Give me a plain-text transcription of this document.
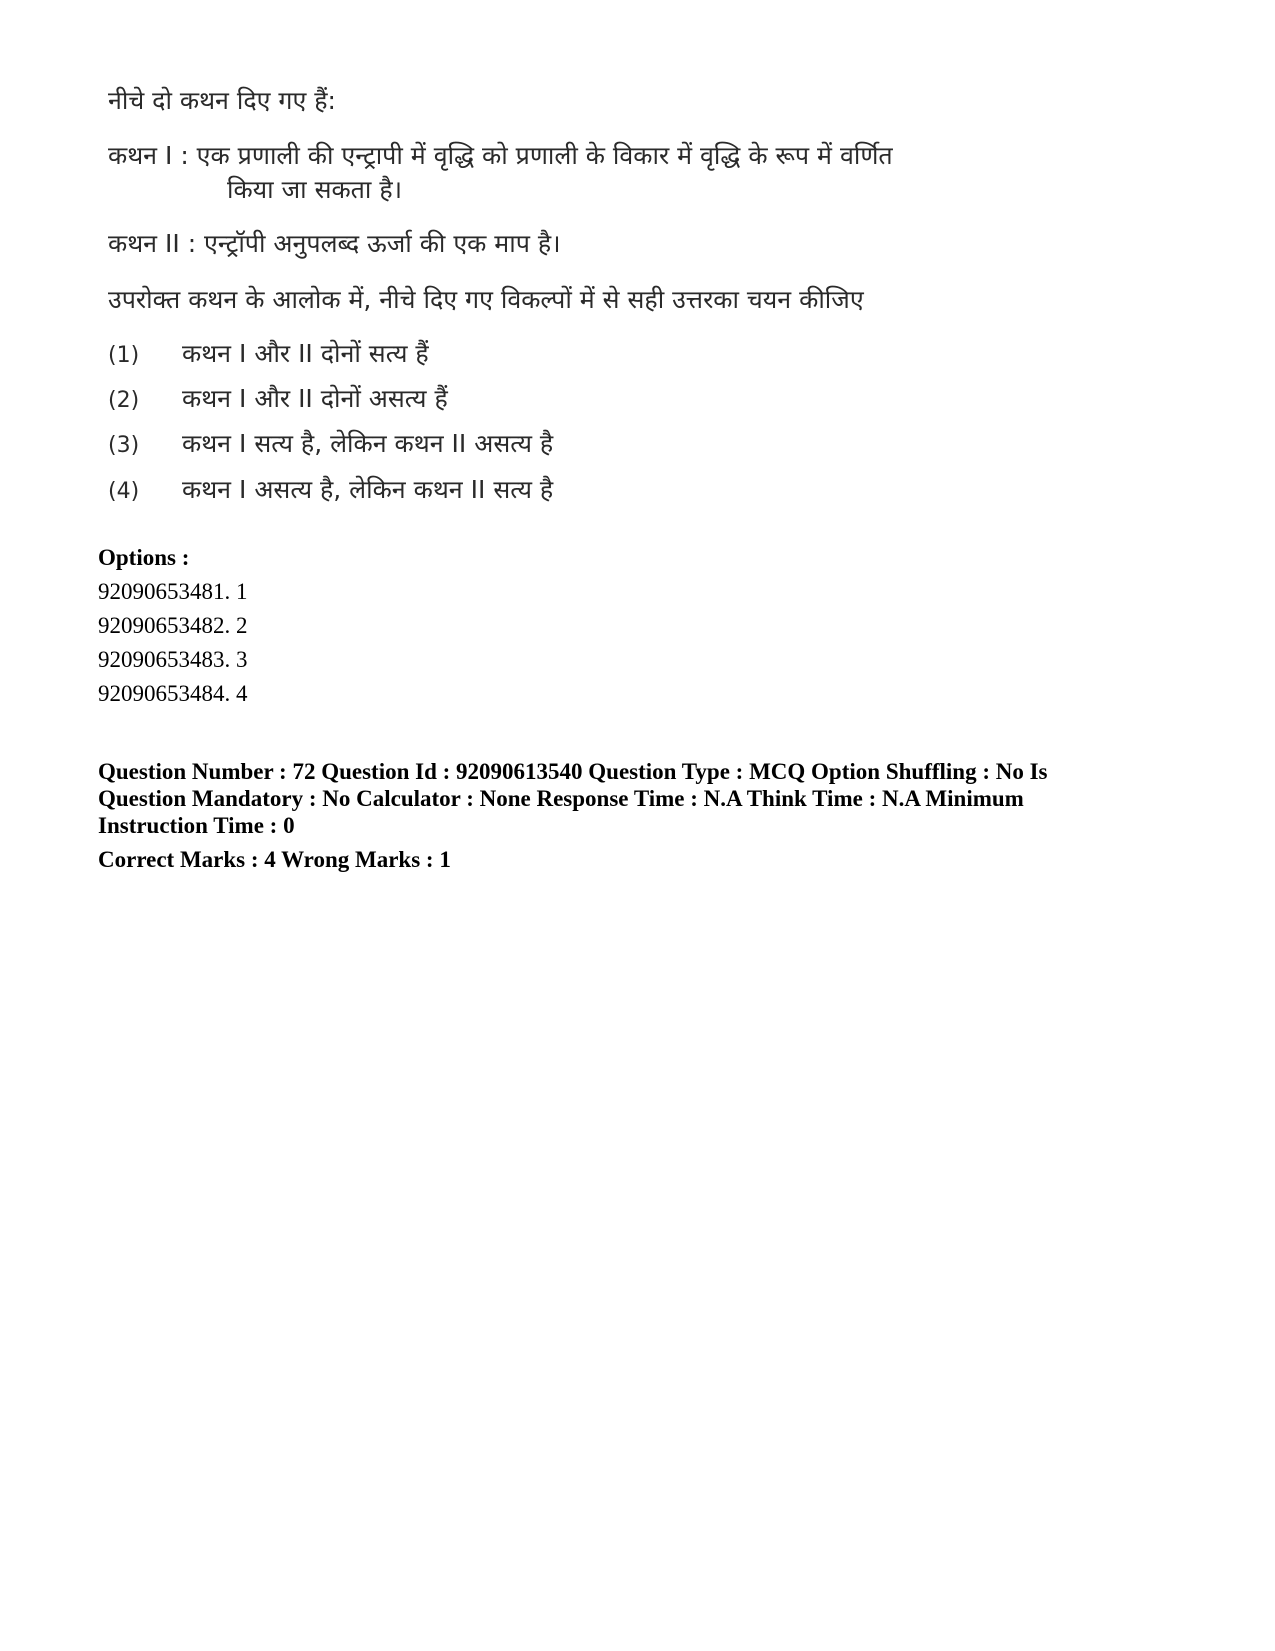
नीचे दो कथन दिए गए हैं:
कथन I : एक प्रणाली की एन्ट्रापी में वृद्धि को प्रणाली के विकार में वृद्धि के रूप में वर्णित
किया जा सकता है।
कथन II : एन्ट्रॉपी अनुपलब्द ऊर्जा की एक माप है।
उपरोक्त कथन के आलोक में, नीचे दिए गए विकल्पों में से सही उत्तरका चयन कीजिए
(1) कथन I और II दोनों सत्य हैं
(2) कथन I और II दोनों असत्य हैं
(3) कथन I सत्य है, लेकिन कथन II असत्य है
(4) कथन I असत्य है, लेकिन कथन II सत्य है
Options :
92090653481. 1
92090653482. 2
92090653483. 3
92090653484. 4
Question Number : 72 Question Id : 92090613540 Question Type : MCQ Option Shuffling : No Is
Question Mandatory : No Calculator : None Response Time : N.A Think Time : N.A Minimum
Instruction Time : 0
Correct Marks : 4 Wrong Marks : 1
